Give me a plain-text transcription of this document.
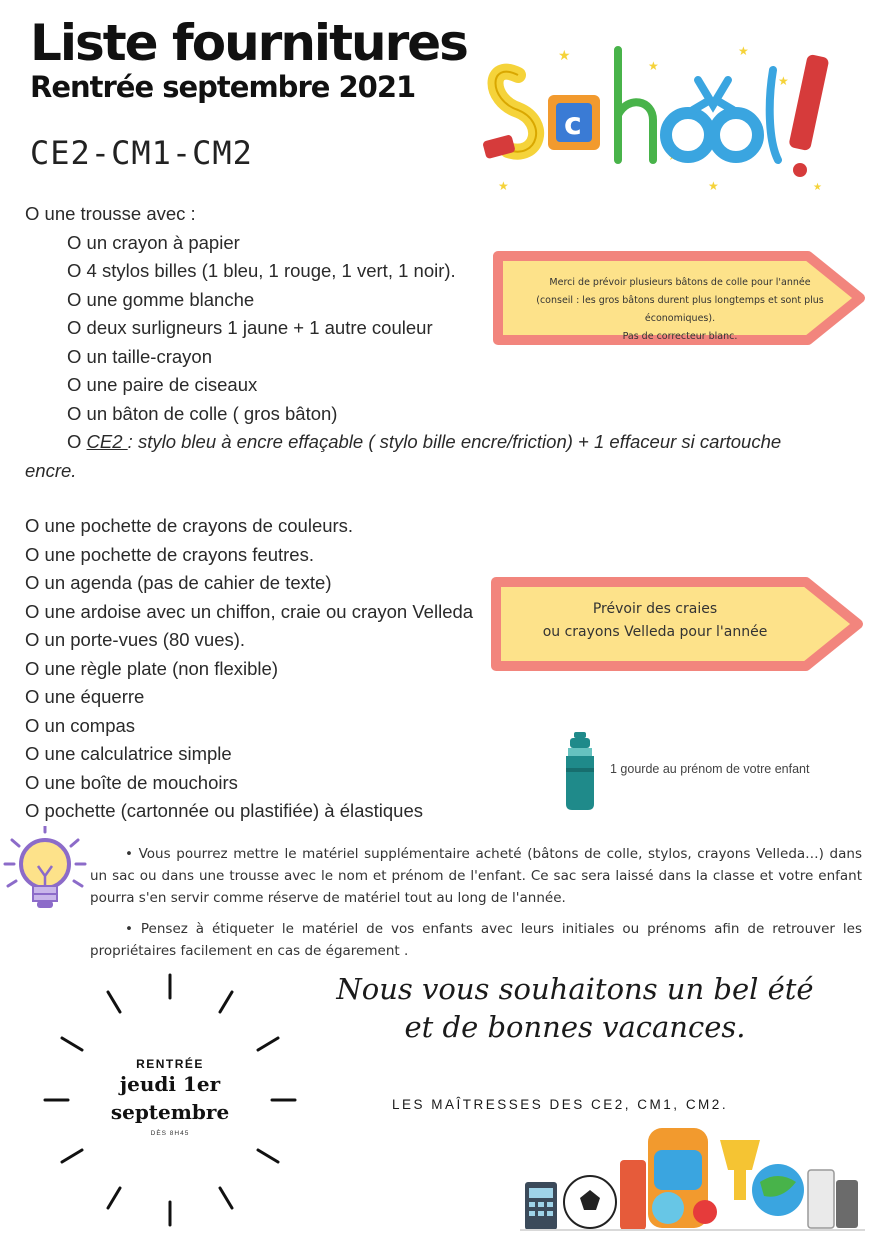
Liste fournitures
Rentrée septembre 2021
CE2-CM1-CM2
★
★
★
★
★	★	★
★
c
O une trousse avec :
O un crayon à papier
O 4 stylos billes (1 bleu, 1 rouge, 1 vert, 1 noir).
O une gomme blanche
O deux surligneurs 1 jaune + 1 autre couleur
O un taille-crayon
O une paire de ciseaux
O un bâton de colle ( gros bâton)
O CE2 : stylo bleu à encre effaçable ( stylo bille encre/friction) + 1 effaceur si cartouche
encre.
O une pochette de crayons de couleurs.
O une pochette de crayons feutres.
O un agenda (pas de cahier de texte)
O une ardoise avec un chiffon, craie ou crayon Velleda
O un porte-vues (80 vues).
O une règle plate (non flexible)
O une équerre
O un compas
O une calculatrice simple
O une boîte de mouchoirs
O pochette (cartonnée ou plastifiée) à élastiques
Merci de prévoir plusieurs bâtons de colle pour l'année
(conseil : les gros bâtons durent plus longtemps et sont plus économiques).
Pas de correcteur blanc.
Prévoir des craies
ou crayons Velleda pour l'année
1 gourde au prénom de votre enfant
• Vous pourrez mettre le matériel supplémentaire acheté (bâtons de colle, stylos, crayons Velleda…) dans un sac ou dans une trousse avec le nom et prénom de l'enfant. Ce sac sera laissé dans la classe et votre enfant pourra s'en servir comme réserve de matériel tout au long de l'année.
• Pensez à étiqueter le matériel de vos enfants avec leurs initiales ou prénoms afin de retrouver les propriétaires facilement en cas de égarement .
RENTRÉE
jeudi 1er
septembre
DÈS 8H45
Nous vous souhaitons un bel été
et de bonnes vacances.
LES MAÎTRESSES DES CE2, CM1, CM2.
